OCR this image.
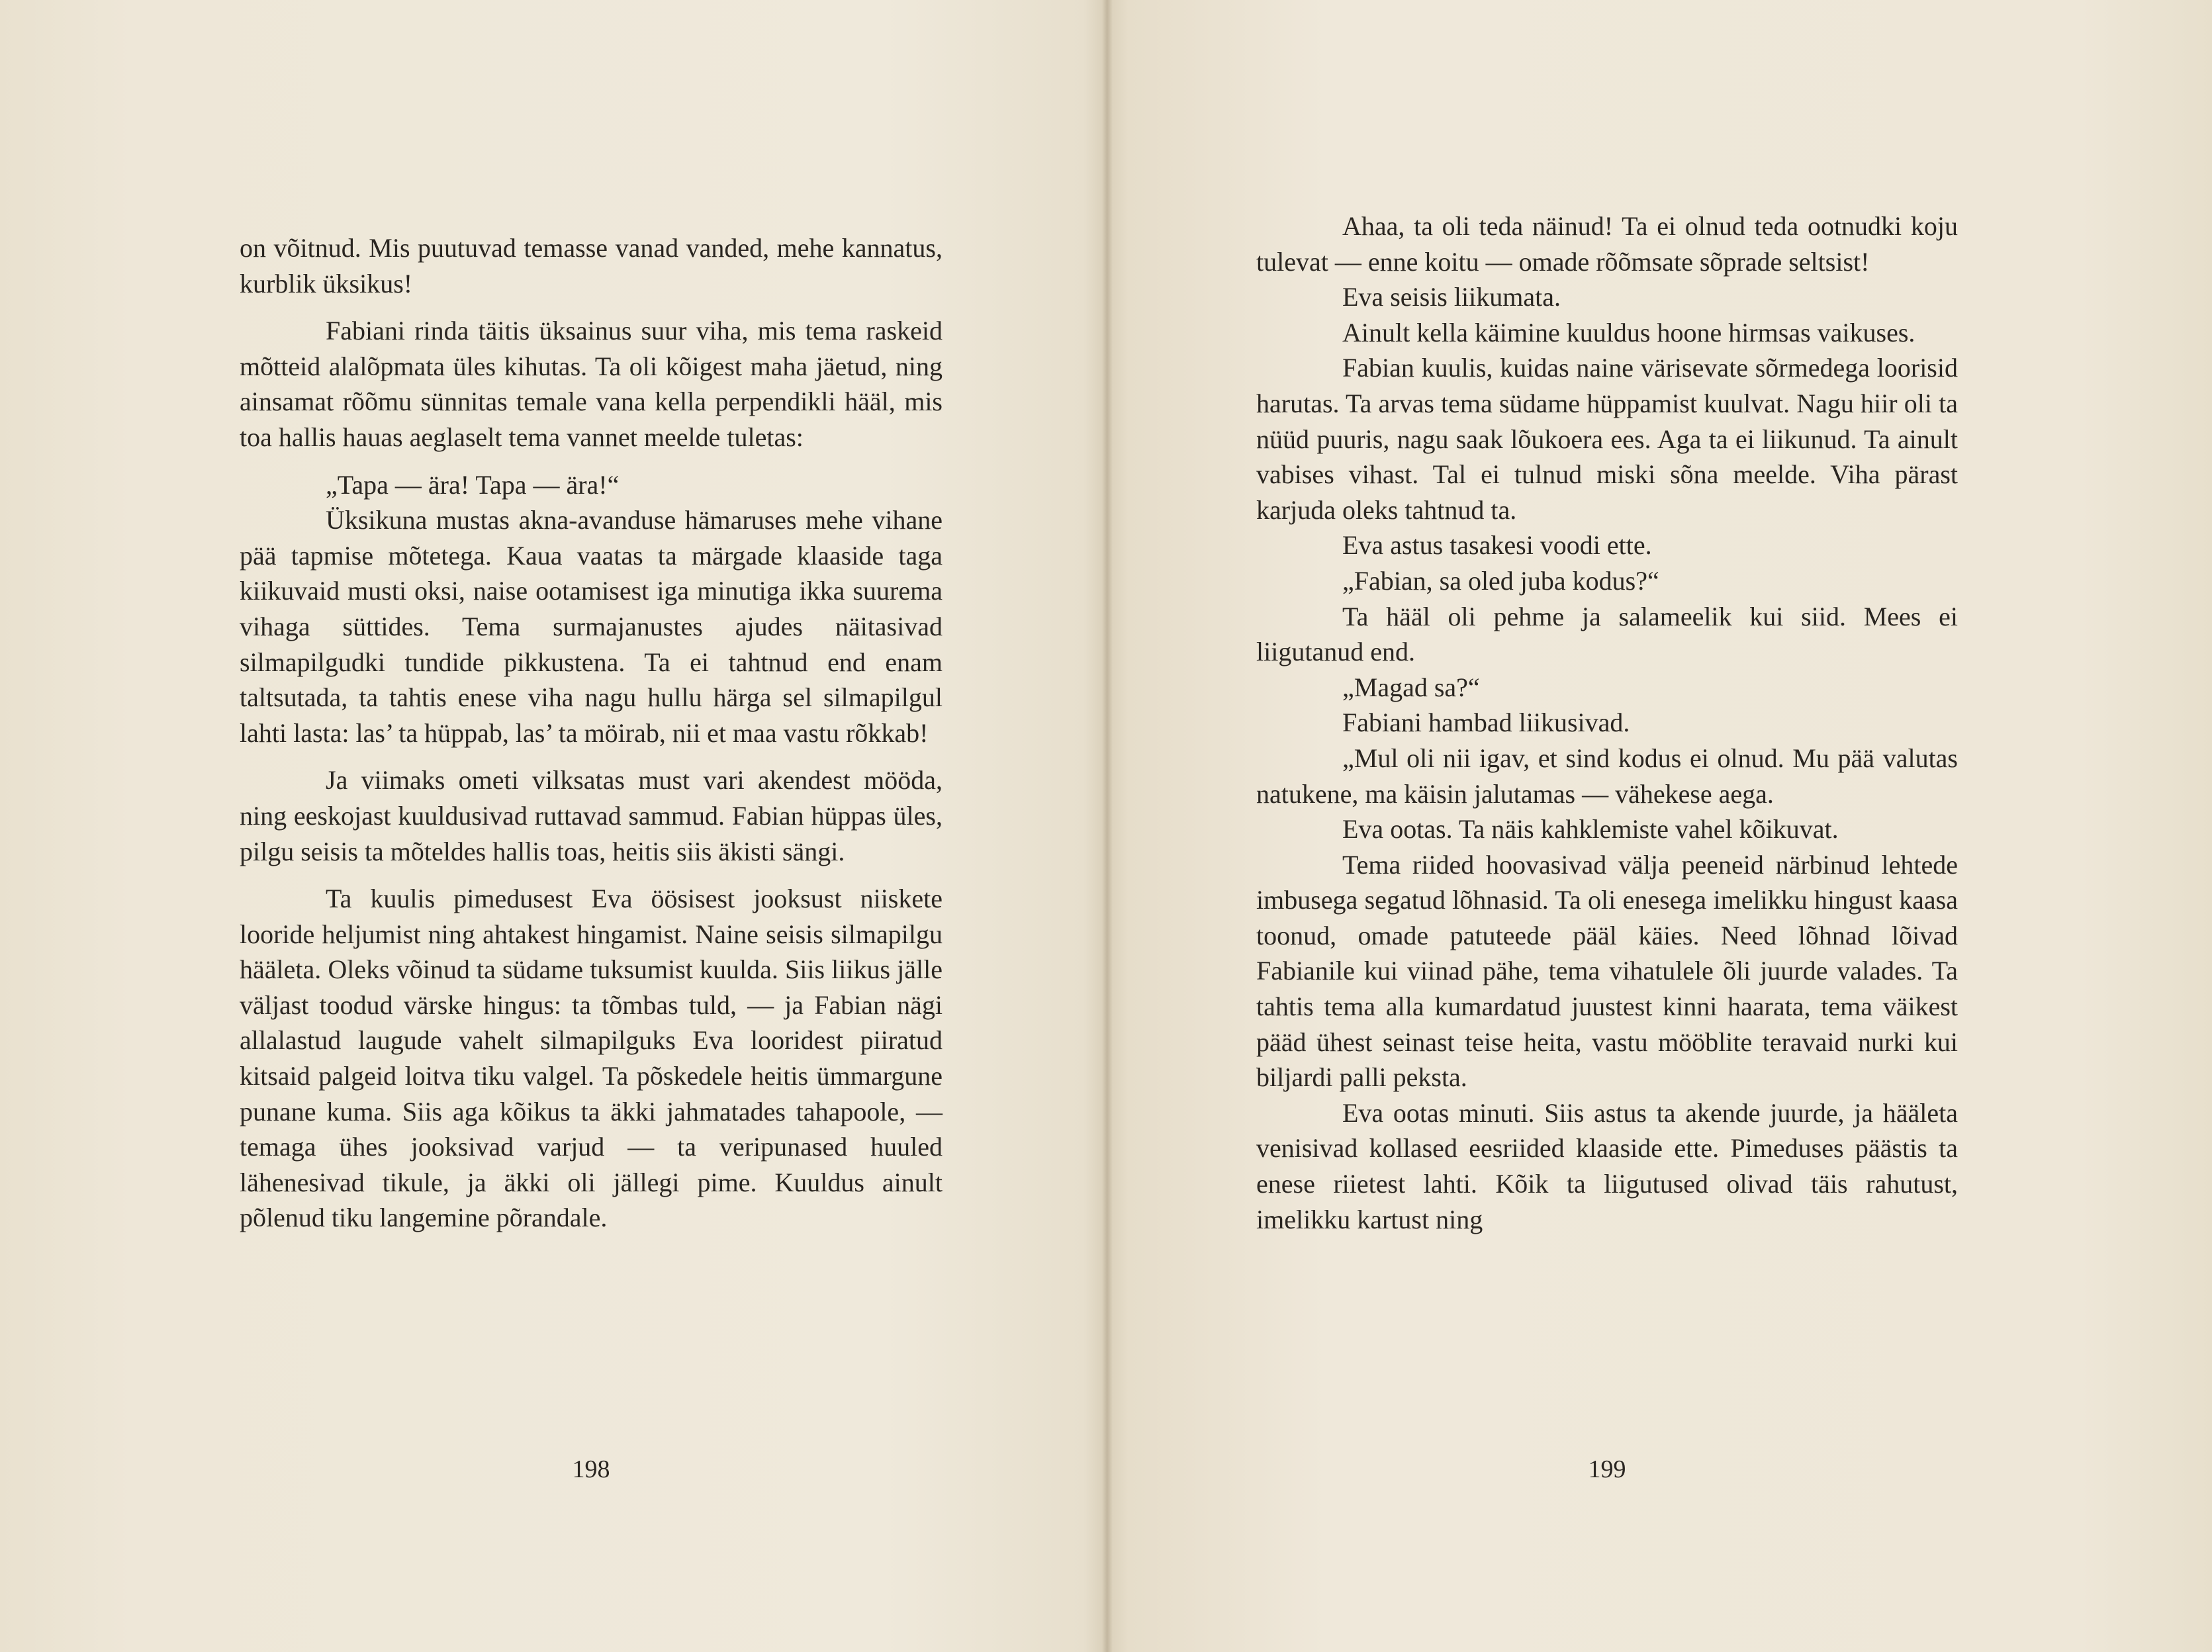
on võitnud. Mis puutuvad temasse vanad vanded, mehe kannatus, kurblik üksikus!

Fabiani rinda täitis üksainus suur viha, mis tema raskeid mõtteid alalõpmata üles kihutas. Ta oli kõigest maha jäetud, ning ainsamat rõõmu sünnitas temale vana kella perpendikli hääl, mis toa hallis hauas aeglaselt tema vannet meelde tuletas:

„Tapa — ära! Tapa — ära!“

Üksikuna mustas akna-avanduse hämaruses mehe vihane pää tapmise mõtetega. Kaua vaatas ta märgade klaaside taga kiikuvaid musti oksi, naise ootamisest iga minutiga ikka suurema vihaga süttides. Tema surmajanustes ajudes näitasivad silmapilgudki tundide pikkustena. Ta ei tahtnud end enam taltsutada, ta tahtis enese viha nagu hullu härga sel silmapilgul lahti lasta: las’ ta hüppab, las’ ta möirab, nii et maa vastu rõkkab!

Ja viimaks ometi vilksatas must vari akendest mööda, ning eeskojast kuuldusivad ruttavad sammud. Fabian hüppas üles, pilgu seisis ta mõteldes hallis toas, heitis siis äkisti sängi.

Ta kuulis pimedusest Eva öösisest jooksust niiskete looride heljumist ning ahtakest hingamist. Naine seisis silmapilgu hääleta. Oleks võinud ta südame tuksumist kuulda. Siis liikus jälle väljast toodud värske hingus: ta tõmbas tuld, — ja Fabian nägi allalastud laugude vahelt silmapilguks Eva looridest piiratud kitsaid palgeid loitva tiku valgel. Ta põskedele heitis ümmargune punane kuma. Siis aga kõikus ta äkki jahmatades tahapoole, — temaga ühes jooksivad varjud — ta veripunased huuled lähenesivad tikule, ja äkki oli jällegi pime. Kuuldus ainult põlenud tiku langemine põrandale.

198

Ahaa, ta oli teda näinud! Ta ei olnud teda ootnudki koju tulevat — enne koitu — omade rõõmsate sõprade seltsist!

Eva seisis liikumata.

Ainult kella käimine kuuldus hoone hirmsas vaikuses.

Fabian kuulis, kuidas naine värisevate sõrmedega loorisid harutas. Ta arvas tema südame hüppamist kuulvat. Nagu hiir oli ta nüüd puuris, nagu saak lõukoera ees. Aga ta ei liikunud. Ta ainult vabises vihast. Tal ei tulnud miski sõna meelde. Viha pärast karjuda oleks tahtnud ta.

Eva astus tasakesi voodi ette.

„Fabian, sa oled juba kodus?“

Ta hääl oli pehme ja salameelik kui siid. Mees ei liigutanud end.

„Magad sa?“

Fabiani hambad liikusivad.

„Mul oli nii igav, et sind kodus ei olnud. Mu pää valutas natukene, ma käisin jalutamas — vähekese aega.

Eva ootas. Ta näis kahklemiste vahel kõikuvat.

Tema riided hoovasivad välja peeneid närbinud lehtede imbusega segatud lõhnasid. Ta oli enesega imelikku hingust kaasa toonud, omade patuteede pääl käies. Need lõhnad lõivad Fabianile kui viinad pähe, tema vihatulele õli juurde valades. Ta tahtis tema alla kumardatud juustest kinni haarata, tema väikest pääd ühest seinast teise heita, vastu mööblite teravaid nurki kui biljardi palli peksta.

Eva ootas minuti. Siis astus ta akende juurde, ja hääleta venisivad kollased eesriided klaaside ette. Pimeduses päästis ta enese riietest lahti. Kõik ta liigutused olivad täis rahutust, imelikku kartust ning

199
